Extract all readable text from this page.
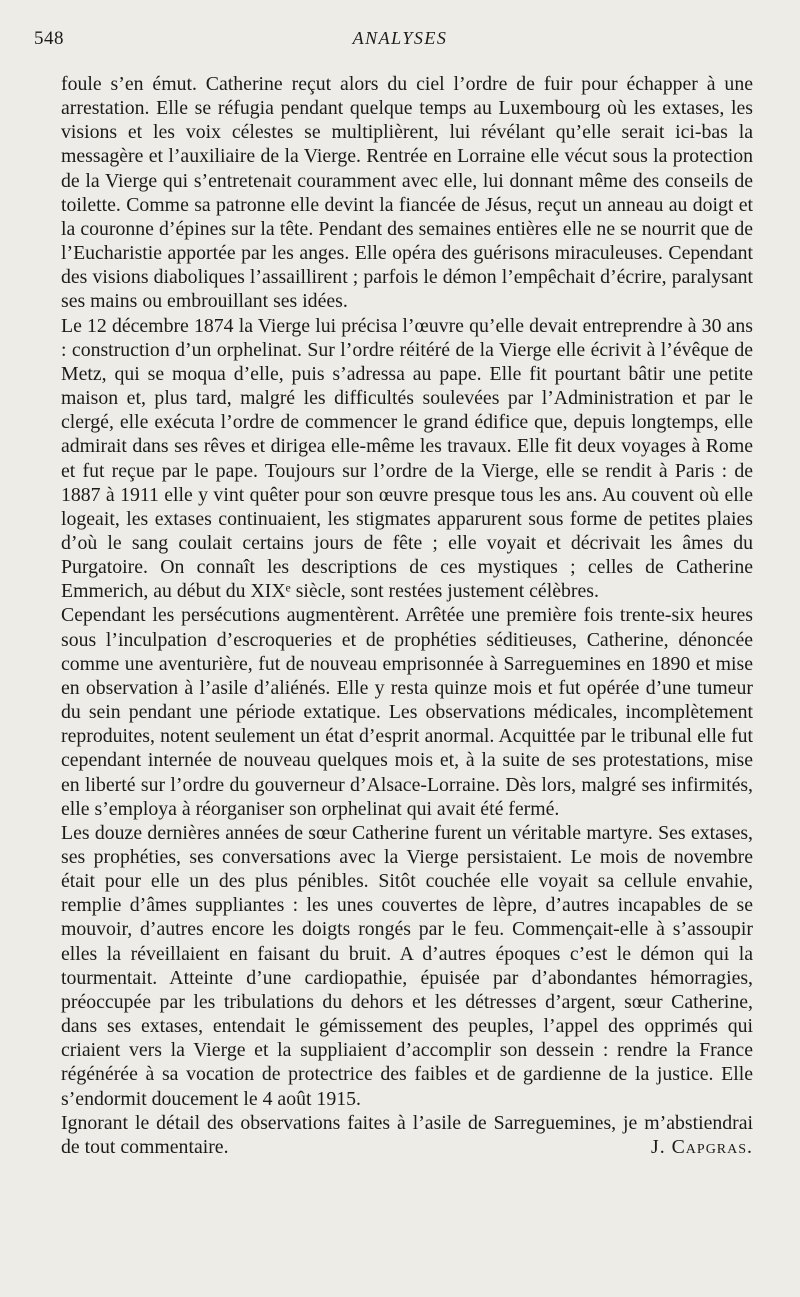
548	ANALYSES

foule s’en émut. Catherine reçut alors du ciel l’ordre de fuir pour échapper à une arrestation. Elle se réfugia pendant quelque temps au Luxembourg où les extases, les visions et les voix célestes se multiplièrent, lui révélant qu’elle serait ici-bas la messagère et l’auxiliaire de la Vierge. Rentrée en Lorraine elle vécut sous la protection de la Vierge qui s’entretenait couramment avec elle, lui donnant même des conseils de toilette. Comme sa patronne elle devint la fiancée de Jésus, reçut un anneau au doigt et la couronne d’épines sur la tête. Pendant des semaines entières elle ne se nourrit que de l’Eucharistie apportée par les anges. Elle opéra des guérisons miraculeuses. Cependant des visions diaboliques l’assaillirent ; parfois le démon l’empêchait d’écrire, paralysant ses mains ou embrouillant ses idées.

Le 12 décembre 1874 la Vierge lui précisa l’œuvre qu’elle devait entreprendre à 30 ans : construction d’un orphelinat. Sur l’ordre réitéré de la Vierge elle écrivit à l’évêque de Metz, qui se moqua d’elle, puis s’adressa au pape. Elle fit pourtant bâtir une petite maison et, plus tard, malgré les difficultés soulevées par l’Administration et par le clergé, elle exécuta l’ordre de commencer le grand édifice que, depuis longtemps, elle admirait dans ses rêves et dirigea elle-même les travaux. Elle fit deux voyages à Rome et fut reçue par le pape. Toujours sur l’ordre de la Vierge, elle se rendit à Paris : de 1887 à 1911 elle y vint quêter pour son œuvre presque tous les ans. Au couvent où elle logeait, les extases continuaient, les stigmates apparurent sous forme de petites plaies d’où le sang coulait certains jours de fête ; elle voyait et décrivait les âmes du Purgatoire. On connaît les descriptions de ces mystiques ; celles de Catherine Emmerich, au début du XIXᵉ siècle, sont restées justement célèbres.

Cependant les persécutions augmentèrent. Arrêtée une première fois trente-six heures sous l’inculpation d’escroqueries et de prophéties séditieuses, Catherine, dénoncée comme une aventurière, fut de nouveau emprisonnée à Sarreguemines en 1890 et mise en observation à l’asile d’aliénés. Elle y resta quinze mois et fut opérée d’une tumeur du sein pendant une période extatique. Les observations médicales, incomplètement reproduites, notent seulement un état d’esprit anormal. Acquittée par le tribunal elle fut cependant internée de nouveau quelques mois et, à la suite de ses protestations, mise en liberté sur l’ordre du gouverneur d’Alsace-Lorraine. Dès lors, malgré ses infirmités, elle s’employa à réorganiser son orphelinat qui avait été fermé.

Les douze dernières années de sœur Catherine furent un véritable martyre. Ses extases, ses prophéties, ses conversations avec la Vierge persistaient. Le mois de novembre était pour elle un des plus pénibles. Sitôt couchée elle voyait sa cellule envahie, remplie d’âmes suppliantes : les unes couvertes de lèpre, d’autres incapables de se mouvoir, d’autres encore les doigts rongés par le feu. Commençait-elle à s’assoupir elles la réveillaient en faisant du bruit. A d’autres époques c’est le démon qui la tourmentait. Atteinte d’une cardiopathie, épuisée par d’abondantes hémorragies, préoccupée par les tribulations du dehors et les détresses d’argent, sœur Catherine, dans ses extases, entendait le gémissement des peuples, l’appel des opprimés qui criaient vers la Vierge et la suppliaient d’accomplir son dessein : rendre la France régénérée à sa vocation de protectrice des faibles et de gardienne de la justice. Elle s’endormit doucement le 4 août 1915.

Ignorant le détail des observations faites à l’asile de Sarreguemines, je m’abstiendrai de tout commentaire.	J. Capgras.
